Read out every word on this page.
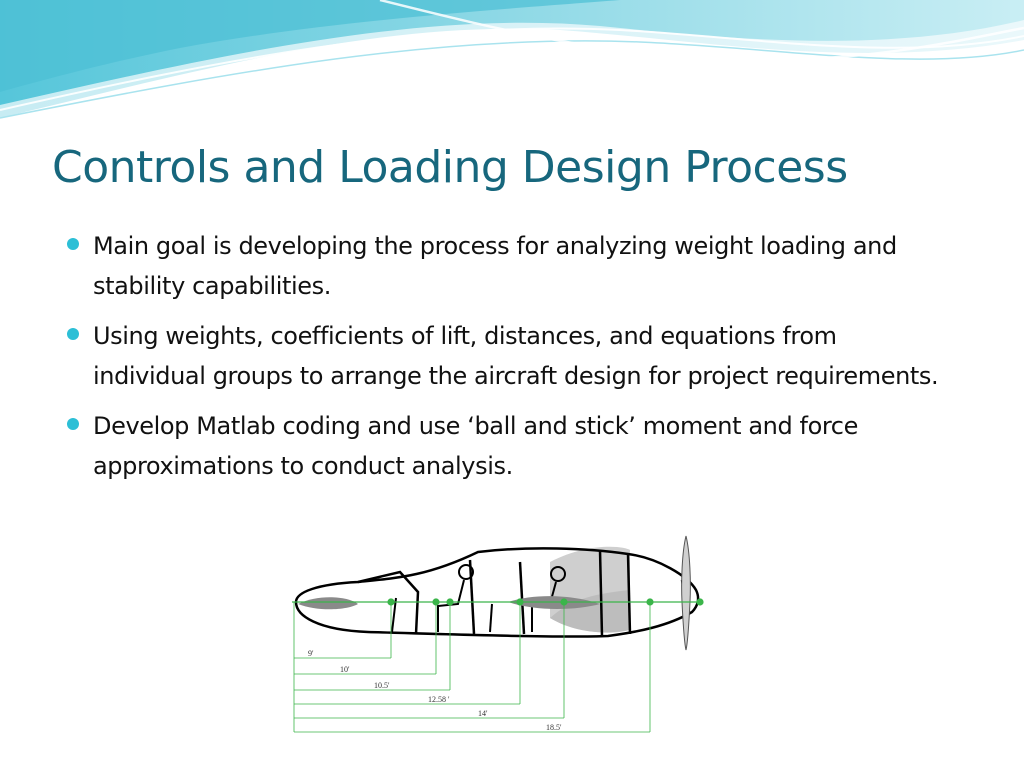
Controls and Loading Design Process
Main goal is developing the process for analyzing weight loading and stability capabilities.
Using weights, coefficients of lift, distances, and equations from individual groups to arrange the aircraft design for project requirements.
Develop Matlab coding and use ‘ball and stick’ moment and force approximations to conduct analysis.
9'
10'
10.5'
12.58 '
14'
18.5'
